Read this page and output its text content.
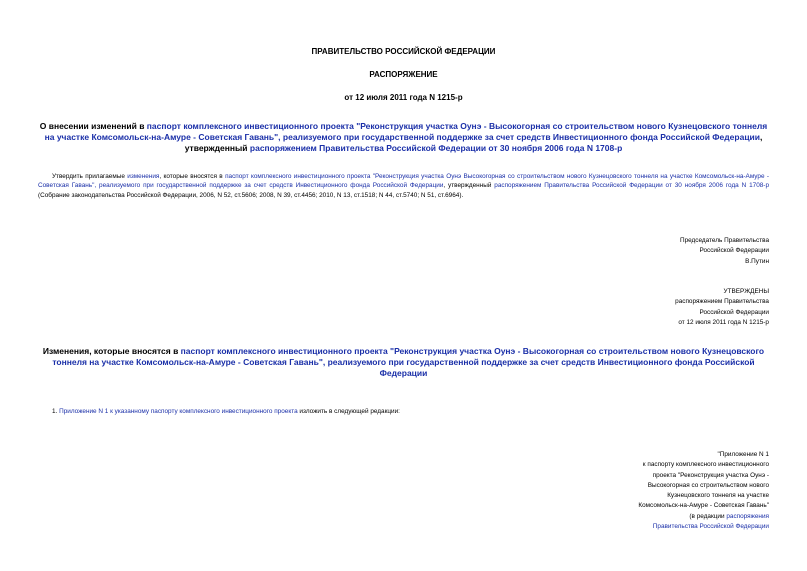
ПРАВИТЕЛЬСТВО РОССИЙСКОЙ ФЕДЕРАЦИИ
РАСПОРЯЖЕНИЕ
от 12 июля 2011 года N 1215-р
О внесении изменений в паспорт комплексного инвестиционного проекта "Реконструкция участка Оунэ - Высокогорная со строительством нового Кузнецовского тоннеля на участке Комсомольск-на-Амуре - Советская Гавань", реализуемого при государственной поддержке за счет средств Инвестиционного фонда Российской Федерации, утвержденный распоряжением Правительства Российской Федерации от 30 ноября 2006 года N 1708-р
Утвердить прилагаемые изменения, которые вносятся в паспорт комплексного инвестиционного проекта "Реконструкция участка Оунэ Высокогорная со строительством нового Кузнецовского тоннеля на участке Комсомольск-на-Амуре - Советская Гавань", реализуемого при государственной поддержке за счет средств Инвестиционного фонда Российской Федерации, утвержденный распоряжением Правительства Российской Федерации от 30 ноября 2006 года N 1708-р (Собрание законодательства Российской Федерации, 2006, N 52, ст.5606; 2008, N 39, ст.4456; 2010, N 13, ст.1518; N 44, ст.5740; N 51, ст.6964).
Председатель Правительства
Российской Федерации
В.Путин
УТВЕРЖДЕНЫ
распоряжением Правительства
Российской Федерации
от 12 июля 2011 года N 1215-р
Изменения, которые вносятся в паспорт комплексного инвестиционного проекта "Реконструкция участка Оунэ - Высокогорная со строительством нового Кузнецовского тоннеля на участке Комсомольск-на-Амуре - Советская Гавань", реализуемого при государственной поддержке за счет средств Инвестиционного фонда Российской Федерации
1. Приложение N 1 к указанному паспорту комплексного инвестиционного проекта изложить в следующей редакции:
"Приложение N 1
к паспорту комплексного инвестиционного
проекта "Реконструкция участка Оунэ -
Высокогорная со строительством нового
Кузнецовского тоннеля на участке
Комсомольск-на-Амуре - Советская Гавань"
(в редакции распоряжения
Правительства Российской Федерации
